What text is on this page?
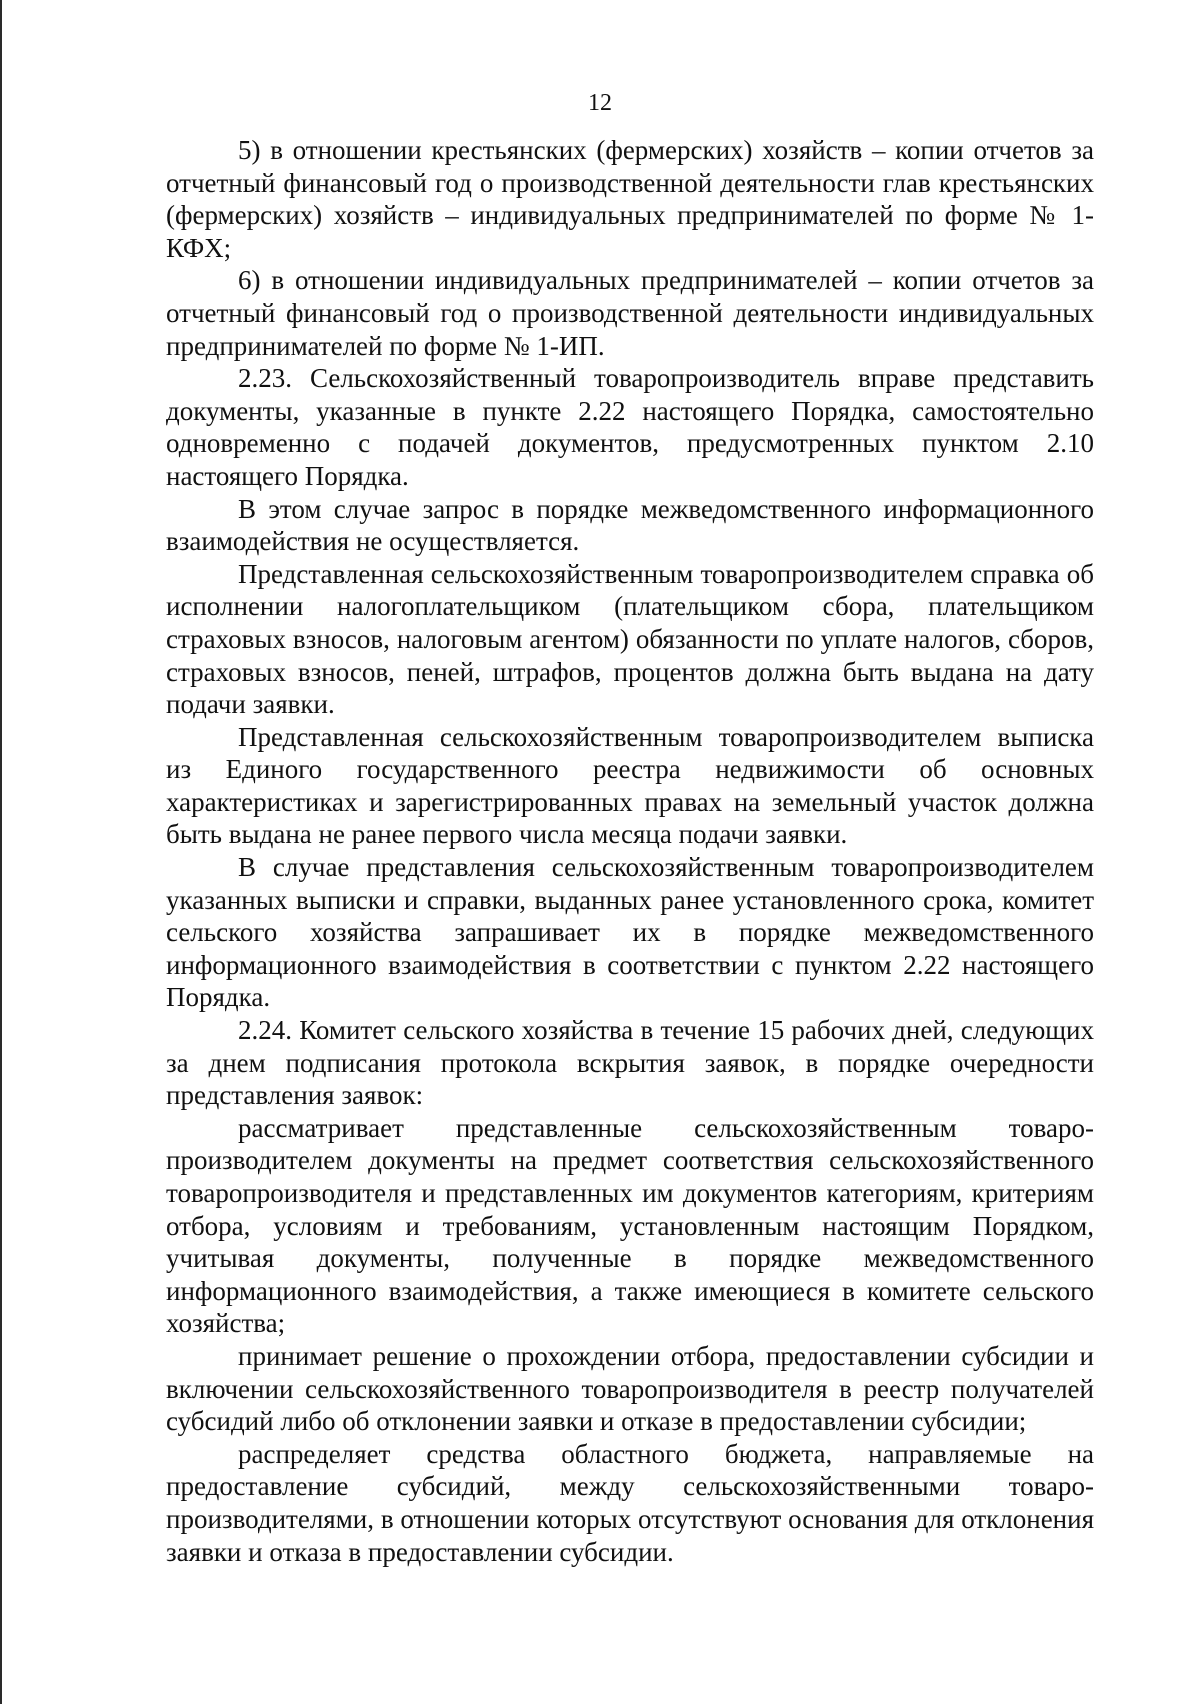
12

5) в отношении крестьянских (фермерских) хозяйств – копии отчетов за отчетный финансовый год о производственной деятельности глав крестьянских (фермерских) хозяйств – индивидуальных предпринимателей по форме № 1-КФХ;

6) в отношении индивидуальных предпринимателей – копии отчетов за отчетный финансовый год о производственной деятельности индивидуальных предпринимателей по форме № 1-ИП.

2.23. Сельскохозяйственный товаропроизводитель вправе представить документы, указанные в пункте 2.22 настоящего Порядка, самостоятельно одновременно с подачей документов, предусмотренных пунктом 2.10 настоящего Порядка.

В этом случае запрос в порядке межведомственного информационного взаимодействия не осуществляется.

Представленная сельскохозяйственным товаропроизводителем справка об исполнении налогоплательщиком (плательщиком сбора, плательщиком страховых взносов, налоговым агентом) обязанности по уплате налогов, сборов, страховых взносов, пеней, штрафов, процентов должна быть выдана на дату подачи заявки.

Представленная сельскохозяйственным товаропроизводителем выписка из Единого государственного реестра недвижимости об основных характеристиках и зарегистрированных правах на земельный участок должна быть выдана не ранее первого числа месяца подачи заявки.

В случае представления сельскохозяйственным товаропроизводителем указанных выписки и справки, выданных ранее установленного срока, комитет сельского хозяйства запрашивает их в порядке межведомственного информационного взаимодействия в соответствии с пунктом 2.22 настоящего Порядка.

2.24. Комитет сельского хозяйства в течение 15 рабочих дней, следующих за днем подписания протокола вскрытия заявок, в порядке очередности представления заявок:

рассматривает представленные сельскохозяйственным товаропроизводителем документы на предмет соответствия сельскохозяйственного товаропроизводителя и представленных им документов категориям, критериям отбора, условиям и требованиям, установленным настоящим Порядком, учитывая документы, полученные в порядке межведомственного информационного взаимодействия, а также имеющиеся в комитете сельского хозяйства;

принимает решение о прохождении отбора, предоставлении субсидии и включении сельскохозяйственного товаропроизводителя в реестр получателей субсидий либо об отклонении заявки и отказе в предоставлении субсидии;

распределяет средства областного бюджета, направляемые на предоставление субсидий, между сельскохозяйственными товаропроизводителями, в отношении которых отсутствуют основания для отклонения заявки и отказа в предоставлении субсидии.
